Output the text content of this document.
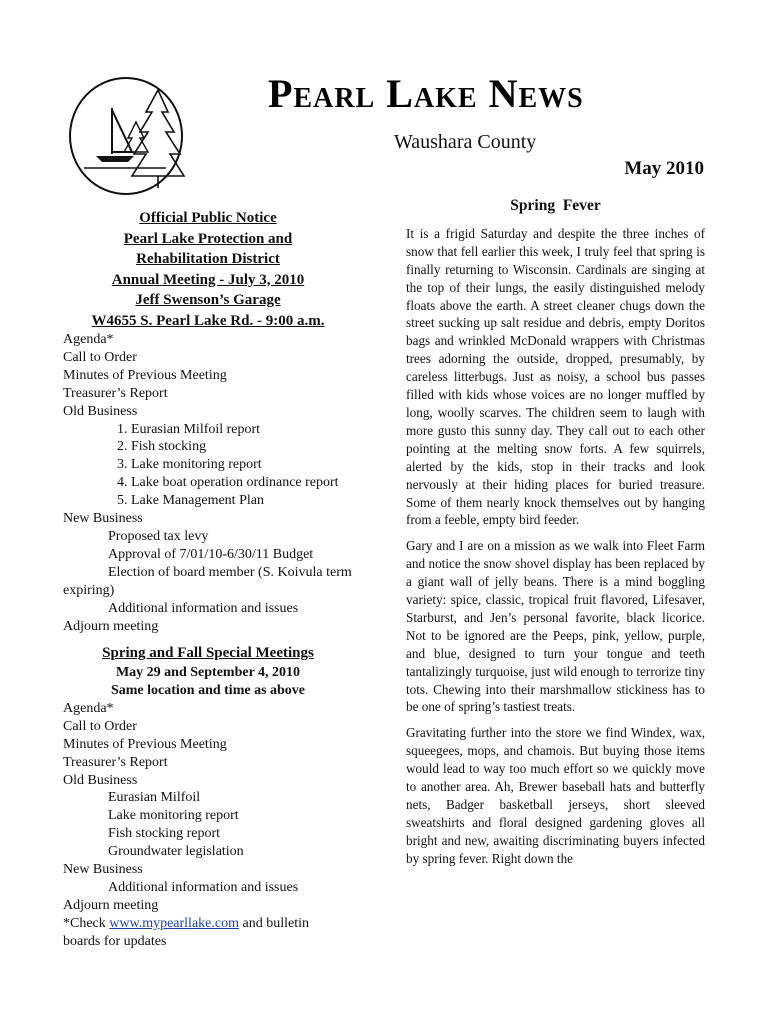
Pearl Lake News
Waushara County
May 2010
Official Public Notice
Pearl Lake Protection and
Rehabilitation District
Annual Meeting - July 3, 2010
Jeff Swenson’s Garage
W4655 S. Pearl Lake Rd. - 9:00 a.m.
Agenda*
Call to Order
Minutes of Previous Meeting
Treasurer’s Report
Old Business
1. Eurasian Milfoil report
2. Fish stocking
3. Lake monitoring report
4. Lake boat operation ordinance report
5. Lake Management Plan
New Business
Proposed tax levy
Approval of 7/01/10-6/30/11 Budget
Election of board member (S. Koivula term expiring)
Additional information and issues
Adjourn meeting
Spring and Fall Special Meetings
May 29 and September 4, 2010
Same location and time as above
Agenda*
Call to Order
Minutes of Previous Meeting
Treasurer’s Report
Old Business
Eurasian Milfoil
Lake monitoring report
Fish stocking report
Groundwater legislation
New Business
Additional information and issues
Adjourn meeting
*Check www.mypearllake.com and bulletin boards for updates
Spring  Fever

It is a frigid Saturday and despite the three inches of snow that fell earlier this week, I truly feel that spring is finally returning to Wisconsin. Cardinals are singing at the top of their lungs, the easily distinguished melody floats above the earth. A street cleaner chugs down the street sucking up salt residue and debris, empty Doritos bags and wrinkled McDonald wrappers with Christmas trees adorning the outside, dropped, presumably, by careless litterbugs. Just as noisy, a school bus passes filled with kids whose voices are no longer muffled by long, woolly scarves. The children seem to laugh with more gusto this sunny day. They call out to each other pointing at the melting snow forts. A few squirrels, alerted by the kids, stop in their tracks and look nervously at their hiding places for buried treasure. Some of them nearly knock themselves out by hanging from a feeble, empty bird feeder.

Gary and I are on a mission as we walk into Fleet Farm and notice the snow shovel display has been replaced by a giant wall of jelly beans. There is a mind boggling variety: spice, classic, tropical fruit flavored, Lifesaver, Starburst, and Jen’s personal favorite, black licorice. Not to be ignored are the Peeps, pink, yellow, purple, and blue, designed to turn your tongue and teeth tantalizingly turquoise, just wild enough to terrorize tiny tots. Chewing into their marshmallow stickiness has to be one of spring’s tastiest treats.

Gravitating further into the store we find Windex, wax, squeegees, mops, and chamois. But buying those items would lead to way too much effort so we quickly move to another area. Ah, Brewer baseball hats and butterfly nets, Badger basketball jerseys, short sleeved sweatshirts and floral designed gardening gloves all bright and new, awaiting discriminating buyers infected by spring fever. Right down the
